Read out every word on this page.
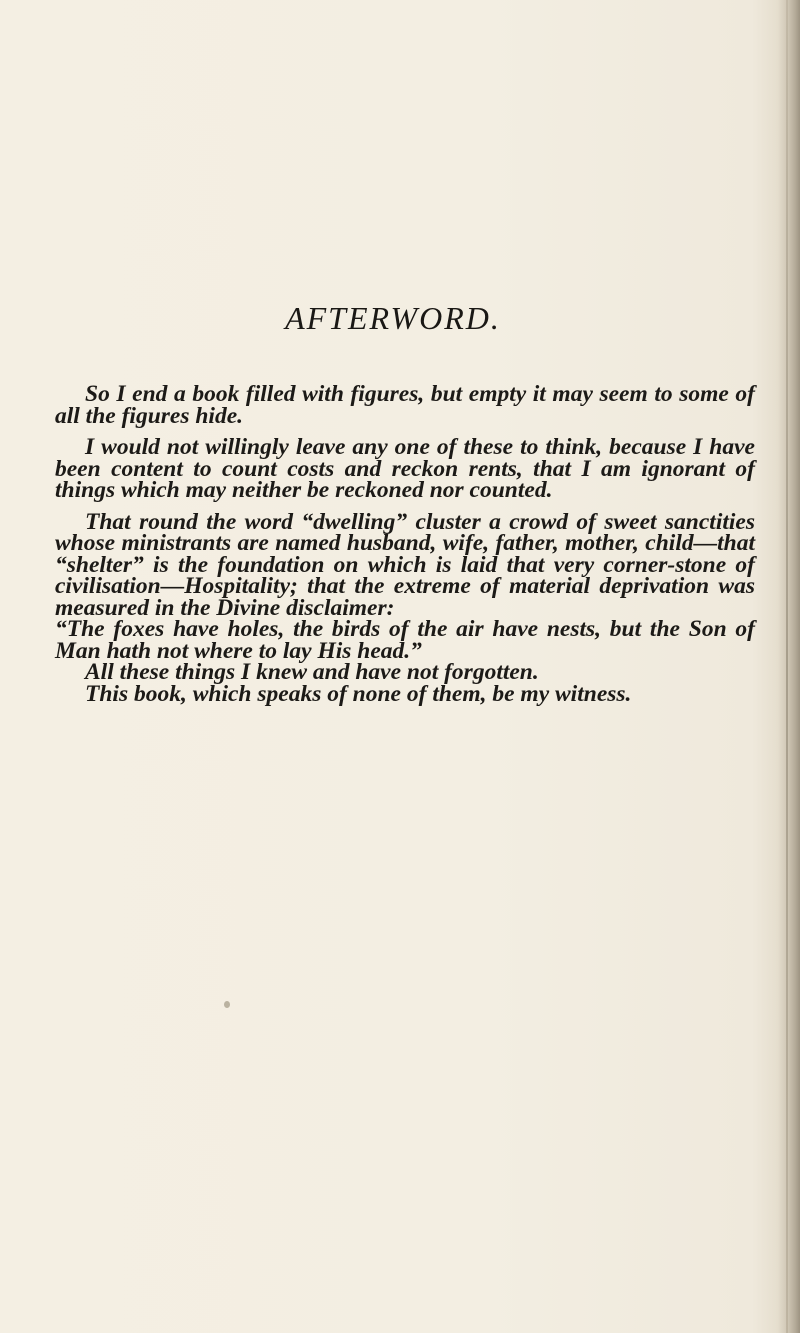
AFTERWORD.

So I end a book filled with figures, but empty it may seem to some of all the figures hide.

I would not willingly leave any one of these to think, because I have been content to count costs and reckon rents, that I am ignorant of things which may neither be reckoned nor counted.

That round the word “dwelling” cluster a crowd of sweet sanctities whose ministrants are named husband, wife, father, mother, child—that “shelter” is the foundation on which is laid that very corner-stone of civilisation—Hospitality; that the extreme of material deprivation was measured in the Divine disclaimer:

“The foxes have holes, the birds of the air have nests, but the Son of Man hath not where to lay His head.”

All these things I knew and have not forgotten.

This book, which speaks of none of them, be my witness.
